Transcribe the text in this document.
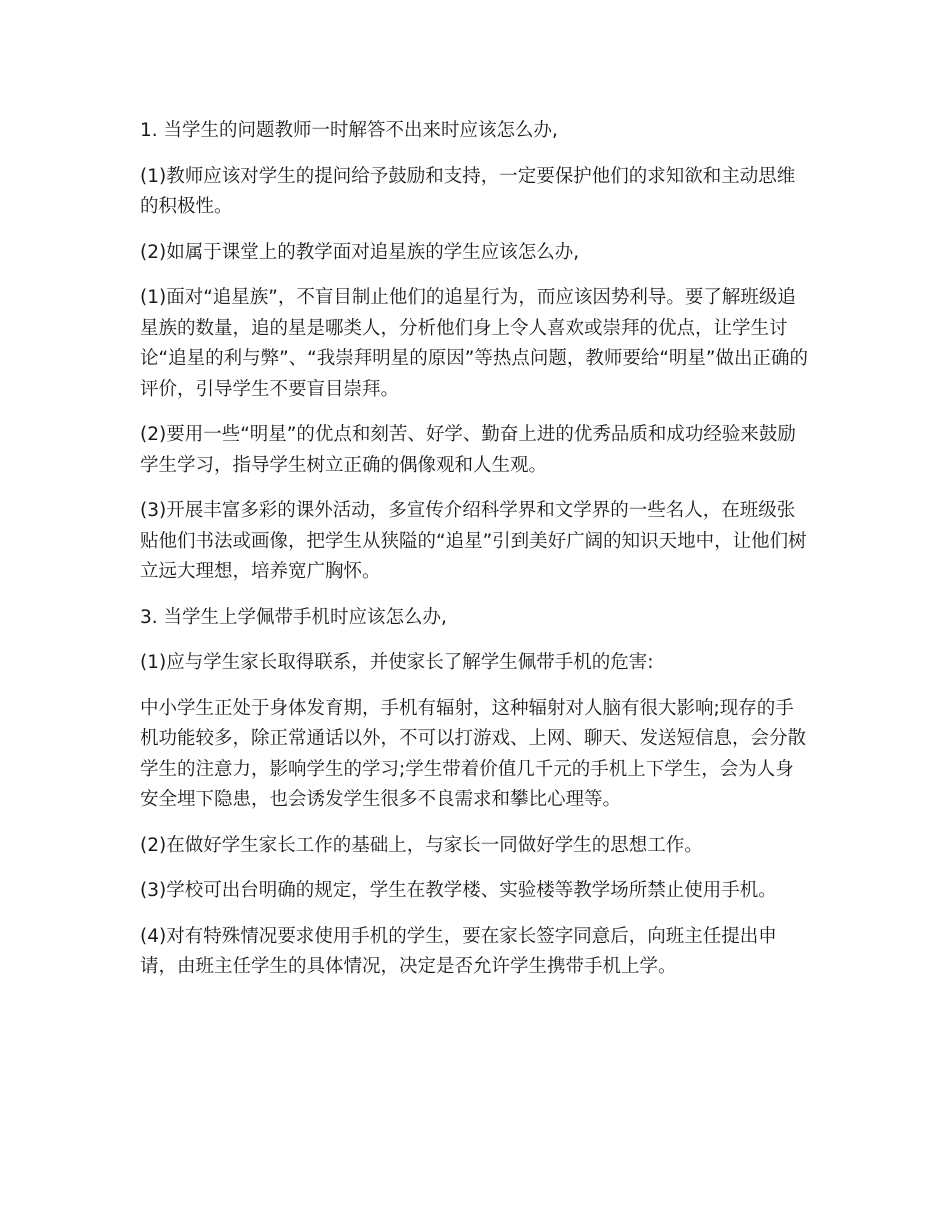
1. 当学生的问题教师一时解答不出来时应该怎么办,

(1)教师应该对学生的提问给予鼓励和支持，一定要保护他们的求知欲和主动思维的积极性。

(2)如属于课堂上的教学面对追星族的学生应该怎么办,

(1)面对“追星族”，不盲目制止他们的追星行为，而应该因势利导。要了解班级追星族的数量，追的星是哪类人，分析他们身上令人喜欢或崇拜的优点，让学生讨论“追星的利与弊”、“我崇拜明星的原因”等热点问题，教师要给“明星”做出正确的评价，引导学生不要盲目崇拜。

(2)要用一些“明星”的优点和刻苦、好学、勤奋上进的优秀品质和成功经验来鼓励学生学习，指导学生树立正确的偶像观和人生观。

(3)开展丰富多彩的课外活动，多宣传介绍科学界和文学界的一些名人，在班级张贴他们书法或画像，把学生从狭隘的“追星”引到美好广阔的知识天地中，让他们树立远大理想，培养宽广胸怀。

3. 当学生上学佩带手机时应该怎么办,

(1)应与学生家长取得联系，并使家长了解学生佩带手机的危害:

中小学生正处于身体发育期，手机有辐射，这种辐射对人脑有很大影响;现存的手机功能较多，除正常通话以外，不可以打游戏、上网、聊天、发送短信息，会分散学生的注意力，影响学生的学习;学生带着价值几千元的手机上下学生，会为人身安全埋下隐患，也会诱发学生很多不良需求和攀比心理等。

(2)在做好学生家长工作的基础上，与家长一同做好学生的思想工作。

(3)学校可出台明确的规定，学生在教学楼、实验楼等教学场所禁止使用手机。

(4)对有特殊情况要求使用手机的学生，要在家长签字同意后，向班主任提出申请，由班主任学生的具体情况，决定是否允许学生携带手机上学。
